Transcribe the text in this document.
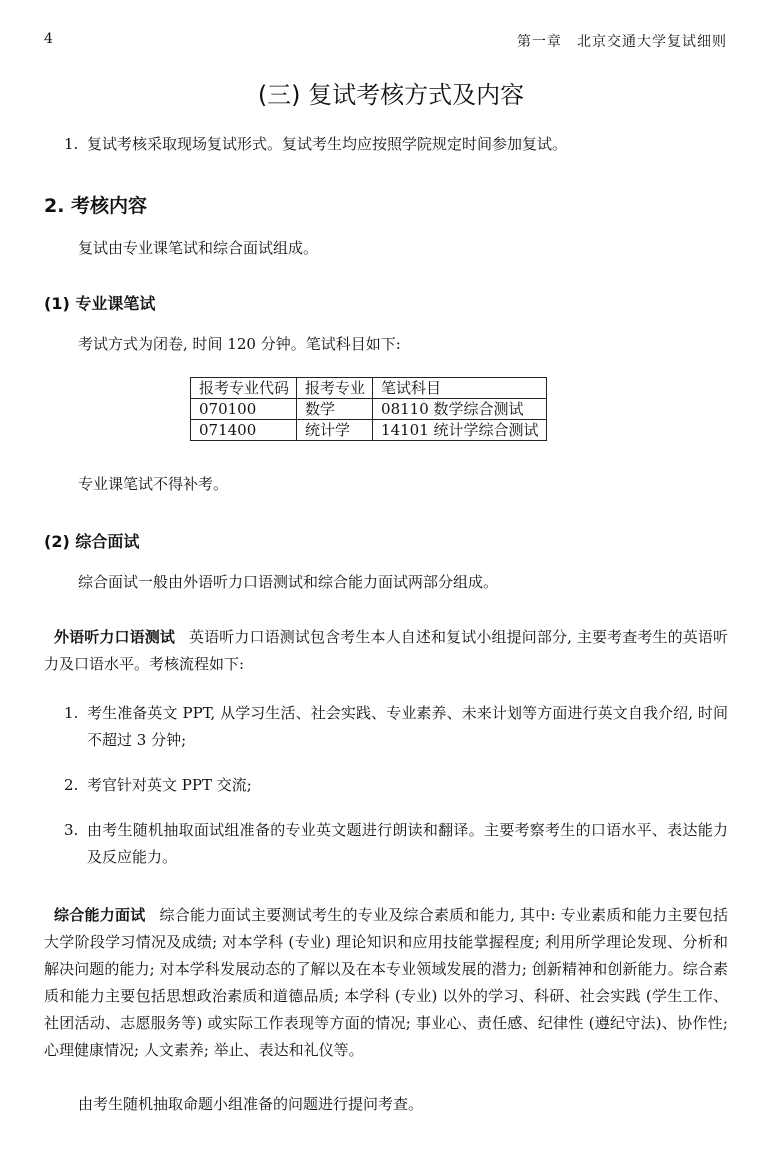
4	第一章　北京交通大学复试细则
(三) 复试考核方式及内容
1. 复试考核采取现场复试形式。复试考生均应按照学院规定时间参加复试。
2. 考核内容
复试由专业课笔试和综合面试组成。
(1) 专业课笔试
考试方式为闭卷, 时间 120 分钟。笔试科目如下:
报考专业代码	报考专业	笔试科目
070100	数学	08110 数学综合测试
071400	统计学	14101 统计学综合测试
专业课笔试不得补考。
(2) 综合面试
综合面试一般由外语听力口语测试和综合能力面试两部分组成。
外语听力口语测试 英语听力口语测试包含考生本人自述和复试小组提问部分, 主要考查考生的英语听力及口语水平。考核流程如下:
1. 考生准备英文 PPT, 从学习生活、社会实践、专业素养、未来计划等方面进行英文自我介绍, 时间不超过 3 分钟;
2. 考官针对英文 PPT 交流;
3. 由考生随机抽取面试组准备的专业英文题进行朗读和翻译。主要考察考生的口语水平、表达能力及反应能力。
综合能力面试 综合能力面试主要测试考生的专业及综合素质和能力, 其中: 专业素质和能力主要包括大学阶段学习情况及成绩; 对本学科 (专业) 理论知识和应用技能掌握程度; 利用所学理论发现、分析和解决问题的能力; 对本学科发展动态的了解以及在本专业领域发展的潜力; 创新精神和创新能力。综合素质和能力主要包括思想政治素质和道德品质; 本学科 (专业) 以外的学习、科研、社会实践 (学生工作、社团活动、志愿服务等) 或实际工作表现等方面的情况; 事业心、责任感、纪律性 (遵纪守法)、协作性; 心理健康情况; 人文素养; 举止、表达和礼仪等。
由考生随机抽取命题小组准备的问题进行提问考查。
